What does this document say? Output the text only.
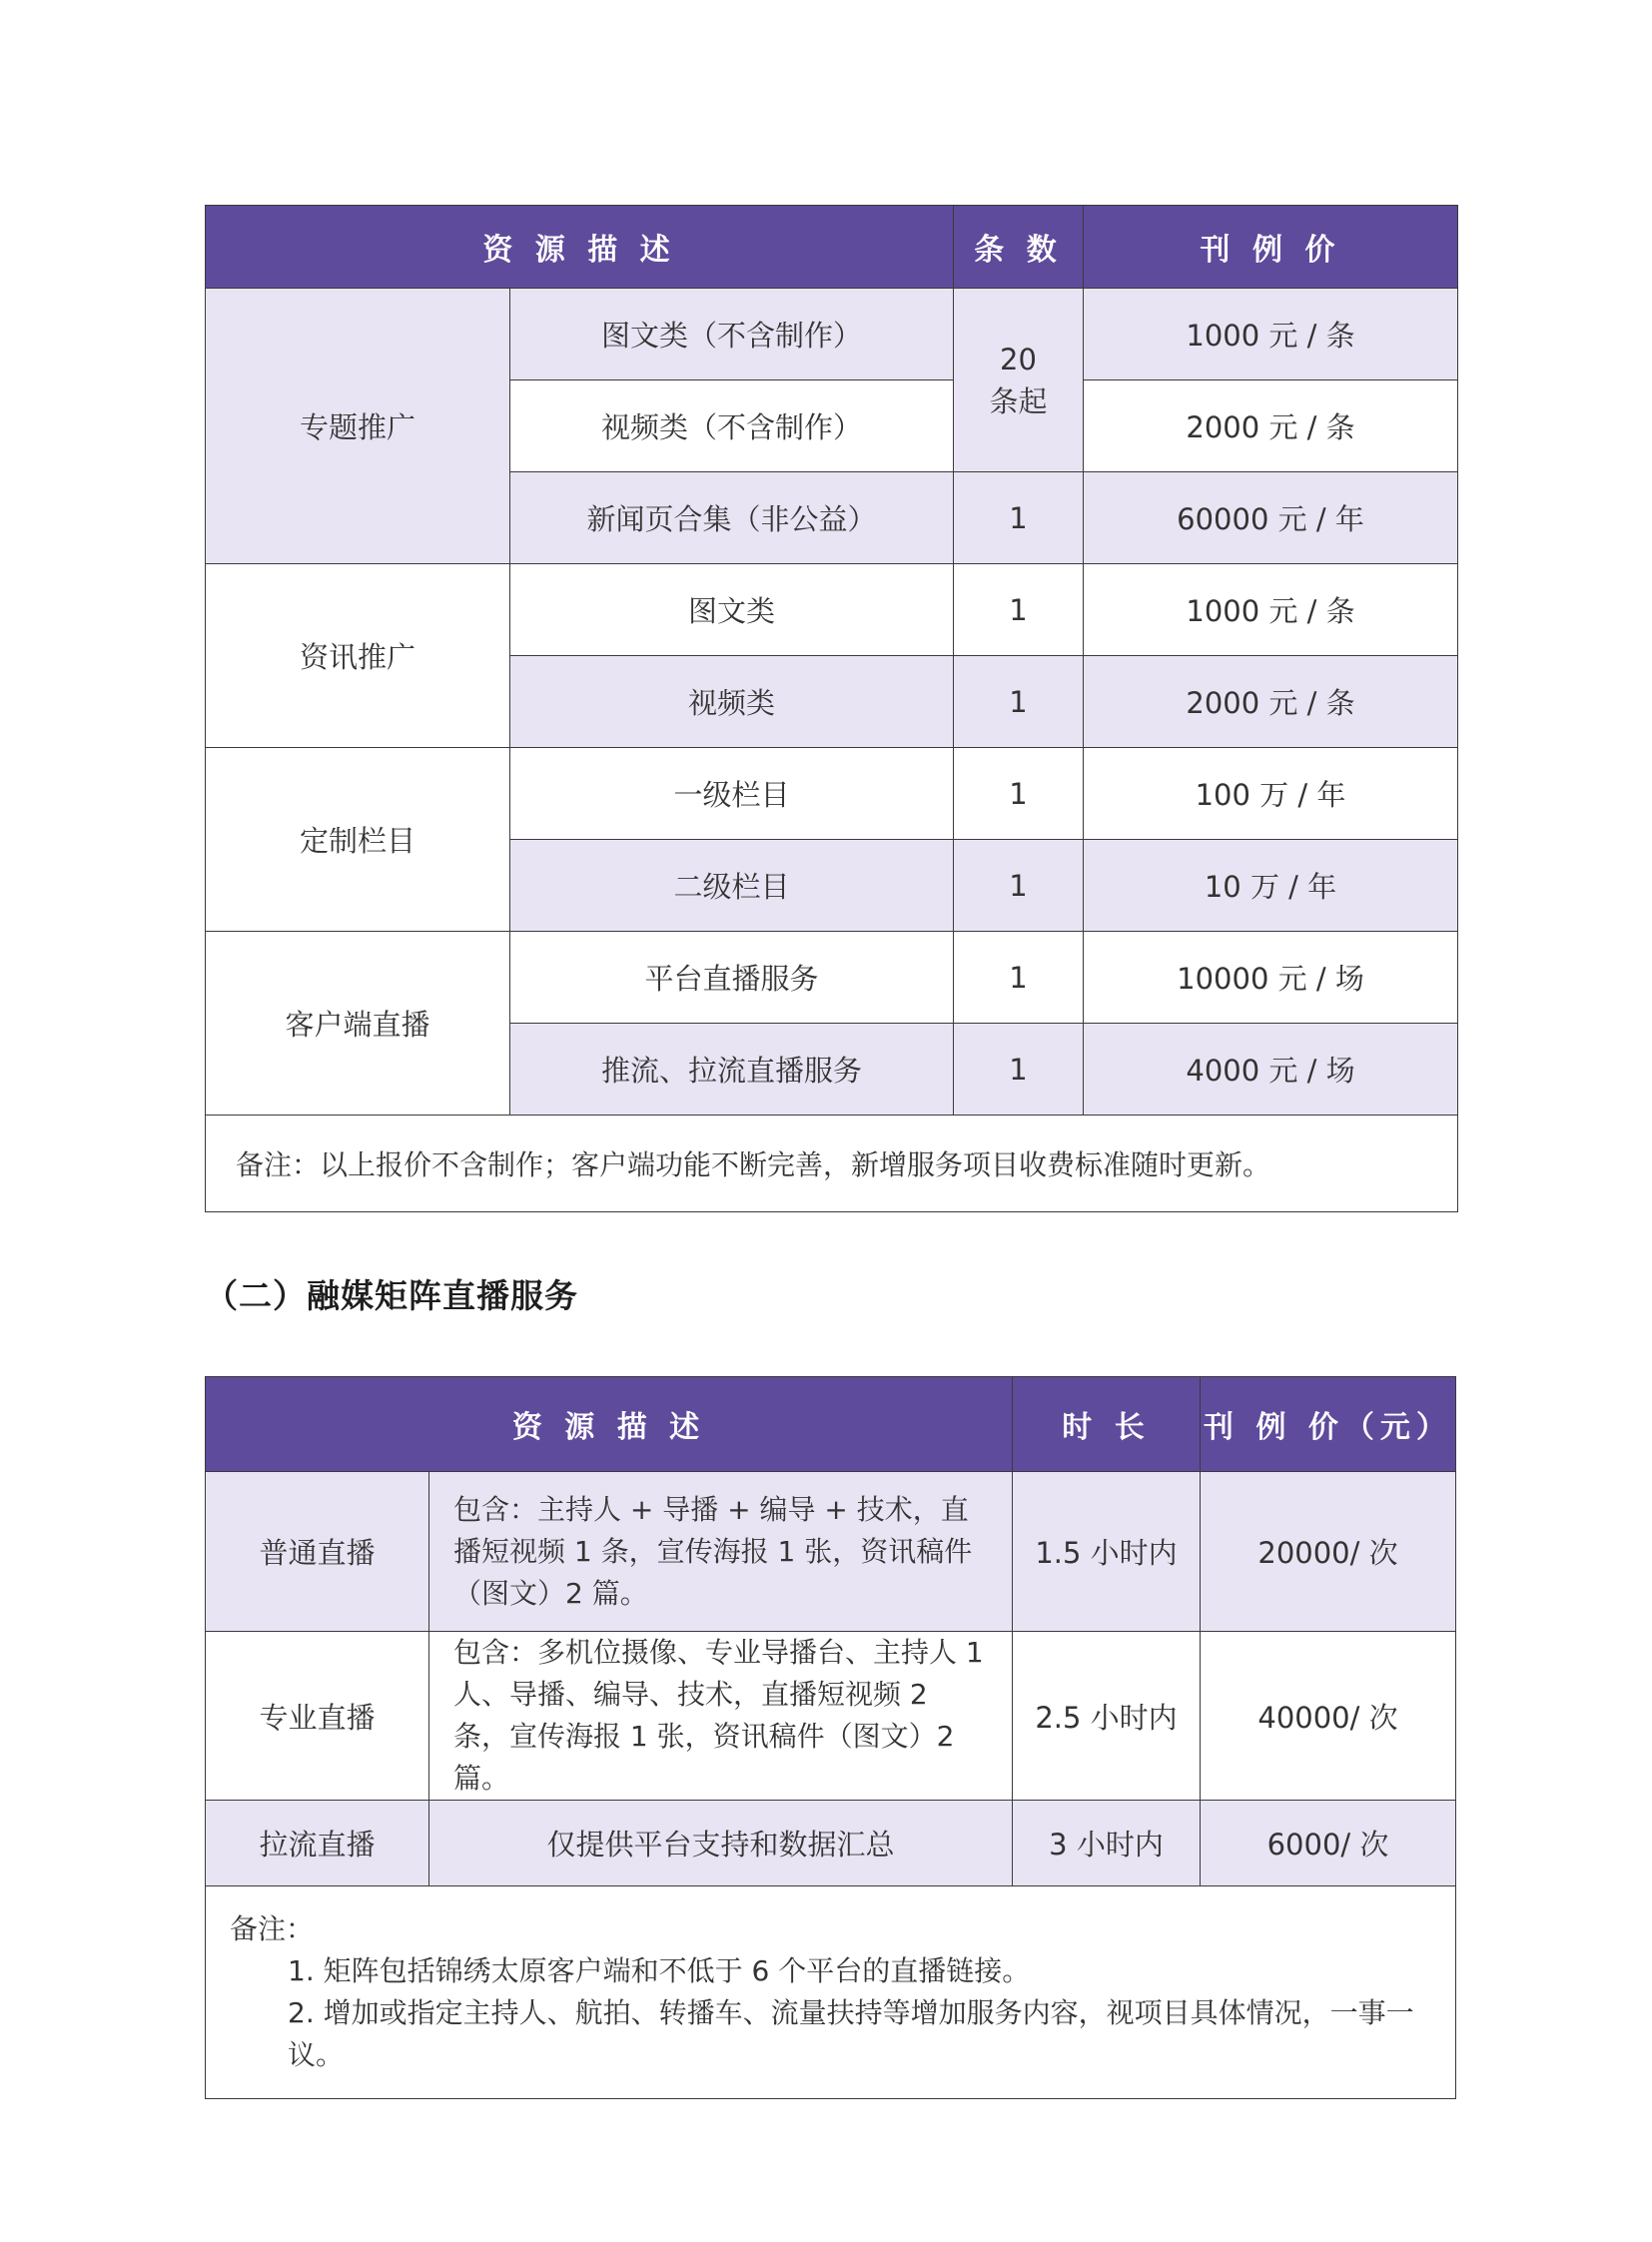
资 源 描 述		条 数	刊 例 价
专题推广	图文类（不含制作）	20 条起	1000 元 / 条
	视频类（不含制作）		2000 元 / 条
	新闻页合集（非公益）	1	60000 元 / 年
资讯推广	图文类	1	1000 元 / 条
	视频类	1	2000 元 / 条
定制栏目	一级栏目	1	100 万 / 年
	二级栏目	1	10 万 / 年
客户端直播	平台直播服务	1	10000 元 / 场
	推流、拉流直播服务	1	4000 元 / 场
备注：以上报价不含制作；客户端功能不断完善，新增服务项目收费标准随时更新。			
（二）融媒矩阵直播服务
资 源 描 述		时 长	刊 例 价（元）
普通直播	包含：主持人 + 导播 + 编导 + 技术，直播短视频 1 条，宣传海报 1 张，资讯稿件（图文）2 篇。	1.5 小时内	20000/ 次
专业直播	包含：多机位摄像、专业导播台、主持人 1 人、导播、编导、技术，直播短视频 2 条，宣传海报 1 张，资讯稿件（图文）2 篇。	2.5 小时内	40000/ 次
拉流直播	仅提供平台支持和数据汇总	3 小时内	6000/ 次

备注：
1. 矩阵包括锦绣太原客户端和不低于 6 个平台的直播链接。
2. 增加或指定主持人、航拍、转播车、流量扶持等增加服务内容，视项目具体情况，一事一议。			
